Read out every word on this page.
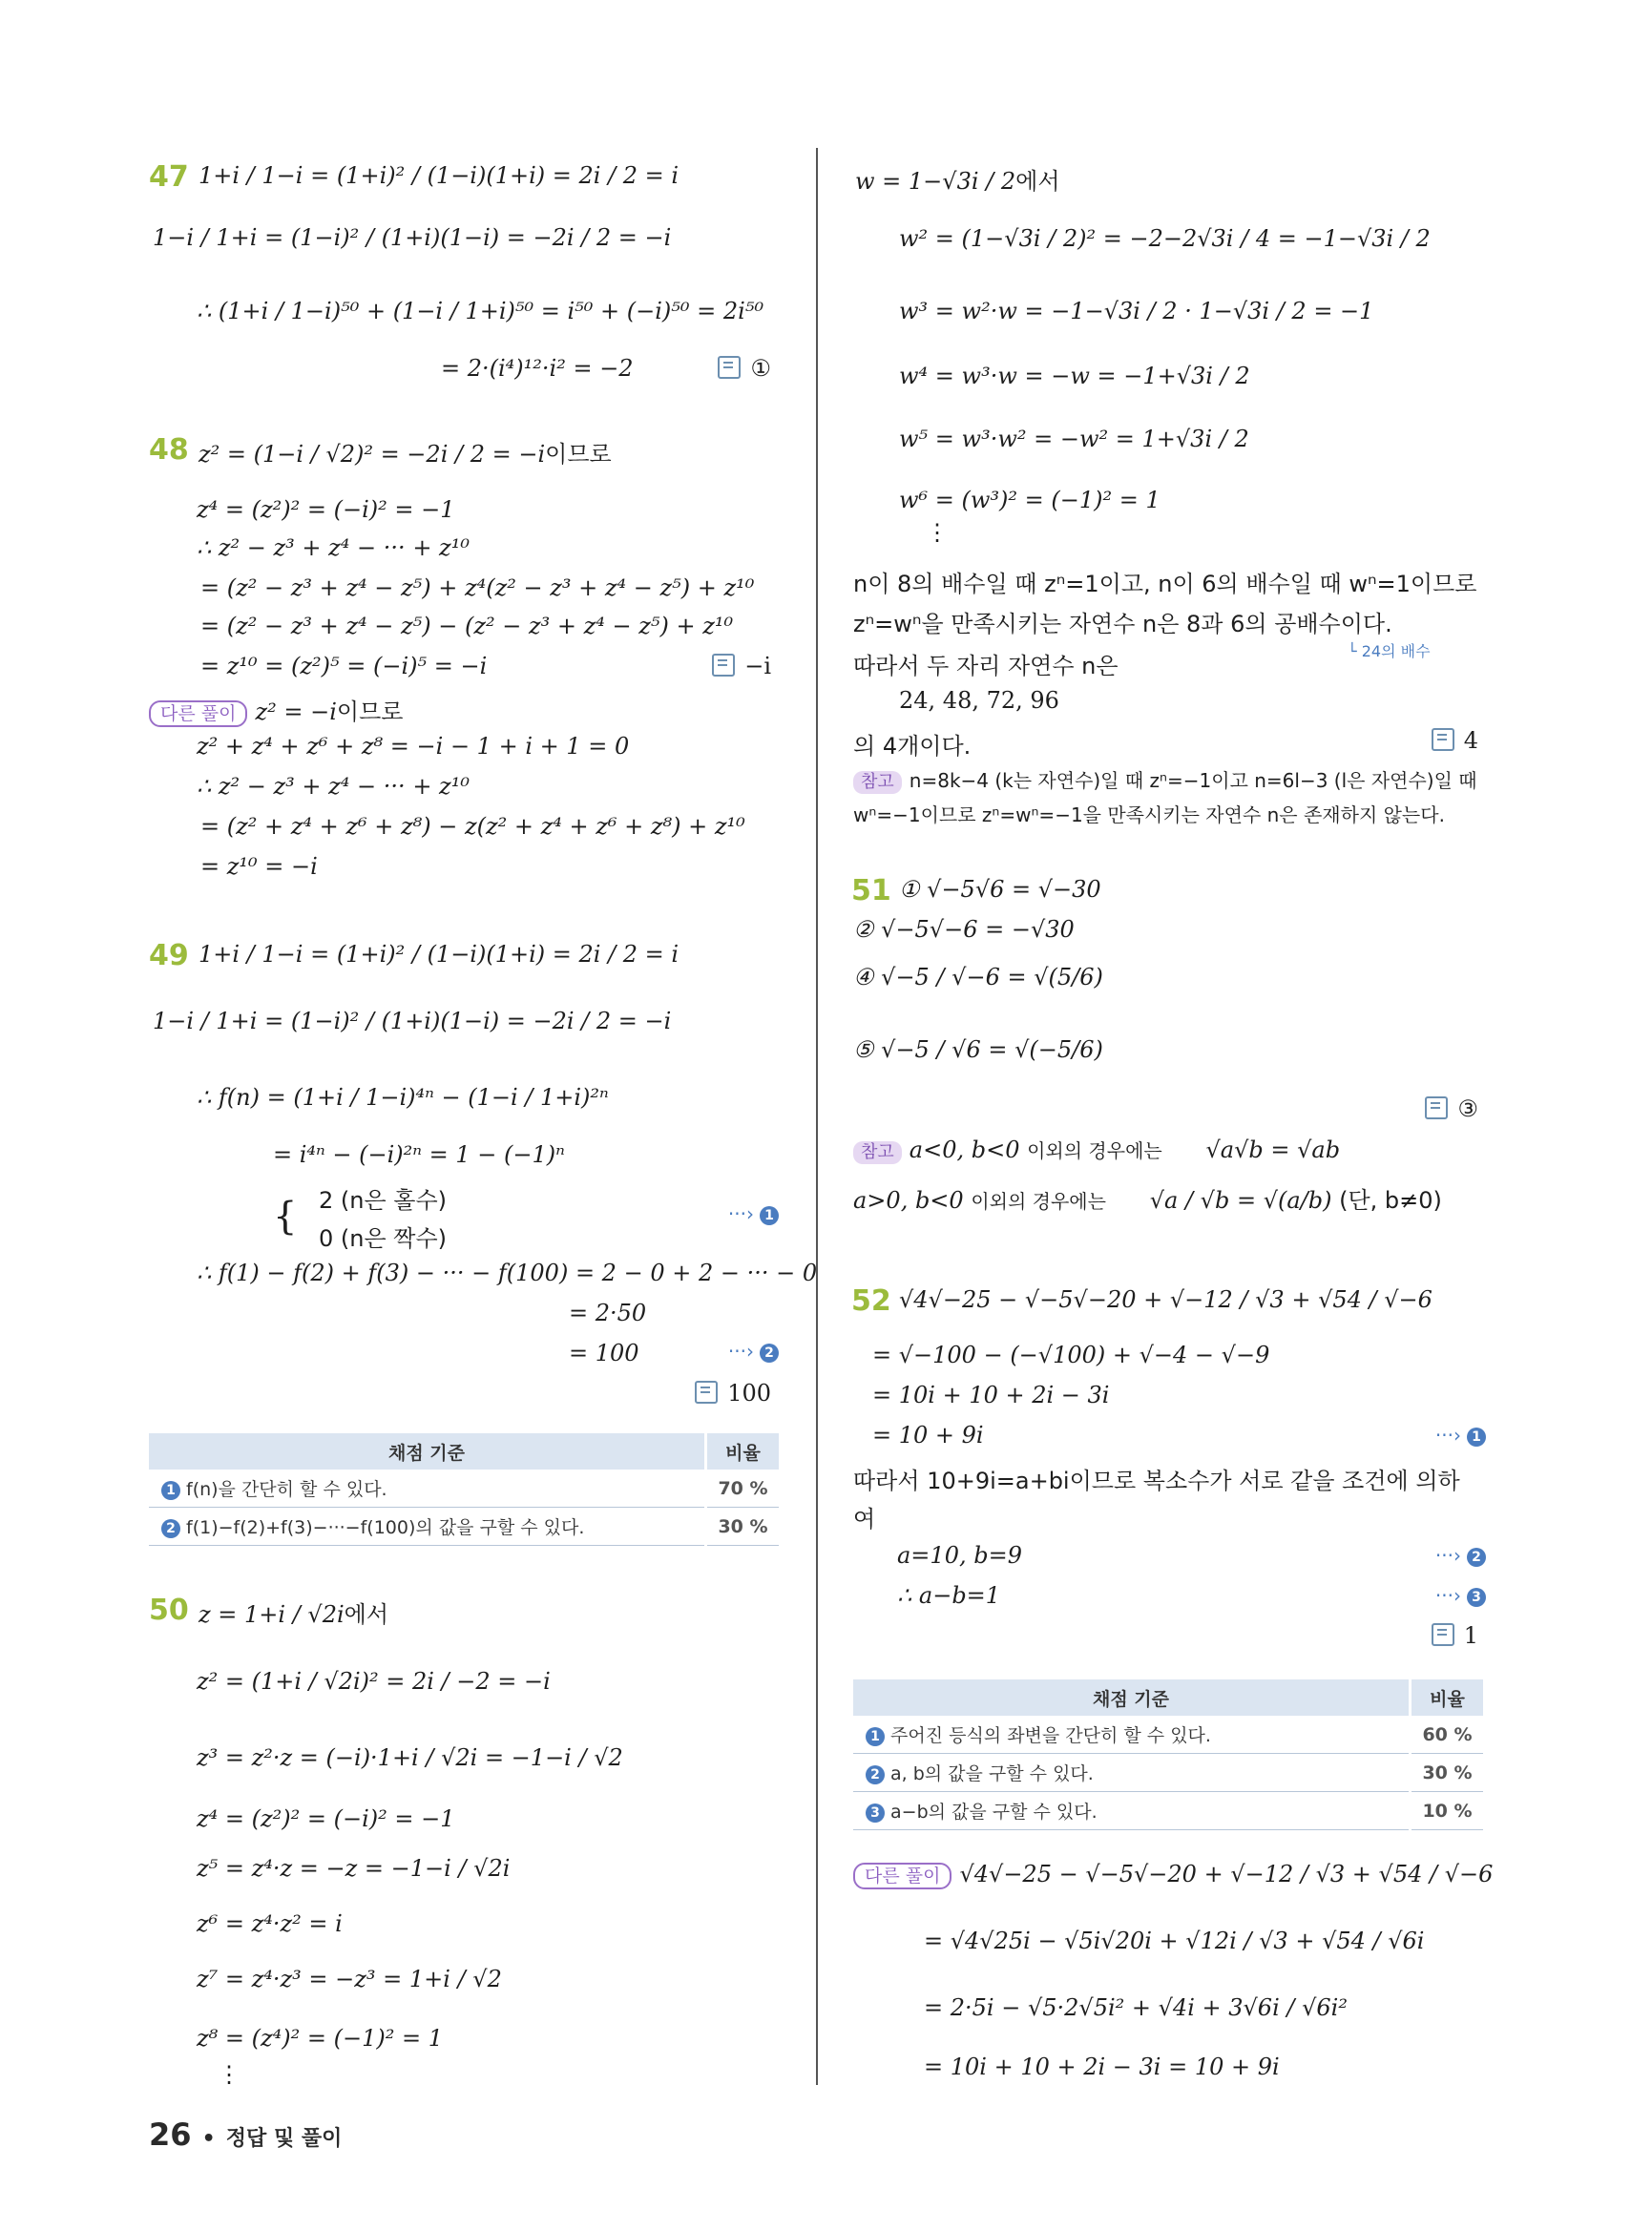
47 1+i / 1−i = (1+i)² / (1−i)(1+i) = 2i / 2 = i
1−i / 1+i = (1−i)² / (1+i)(1−i) = −2i / 2 = −i
∴ (1+i / 1−i)⁵⁰ + (1−i / 1+i)⁵⁰ = i⁵⁰ + (−i)⁵⁰ = 2i⁵⁰
= 2·(i⁴)¹²·i² = −2	①
48 z² = (1−i / √2)² = −2i / 2 = −i이므로
z⁴ = (z²)² = (−i)² = −1
∴ z² − z³ + z⁴ − ··· + z¹⁰
= (z² − z³ + z⁴ − z⁵) + z⁴(z² − z³ + z⁴ − z⁵) + z¹⁰
= (z² − z³ + z⁴ − z⁵) − (z² − z³ + z⁴ − z⁵) + z¹⁰
= z¹⁰ = (z²)⁵ = (−i)⁵ = −i	−i
다른 풀이 z² = −i이므로
z² + z⁴ + z⁶ + z⁸ = −i − 1 + i + 1 = 0
∴ z² − z³ + z⁴ − ··· + z¹⁰
= (z² + z⁴ + z⁶ + z⁸) − z(z² + z⁴ + z⁶ + z⁸) + z¹⁰
= z¹⁰ = −i
49 1+i / 1−i = (1+i)² / (1−i)(1+i) = 2i / 2 = i
1−i / 1+i = (1−i)² / (1+i)(1−i) = −2i / 2 = −i
∴ f(n) = (1+i / 1−i)⁴ⁿ − (1−i / 1+i)²ⁿ
= i⁴ⁿ − (−i)²ⁿ = 1 − (−1)ⁿ
{ 2 (n은 홀수)
0 (n은 짝수)
···› 1
∴ f(1) − f(2) + f(3) − ··· − f(100) = 2 − 0 + 2 − ··· − 0
= 2·50
= 100	···› 2
100
채점 기준	비율
1 f(n)을 간단히 할 수 있다.	70 %
2 f(1)−f(2)+f(3)−···−f(100)의 값을 구할 수 있다.	30 %
50 z = 1+i / √2i에서
z² = (1+i / √2i)² = 2i / −2 = −i
z³ = z²·z = (−i)·1+i / √2i = −1−i / √2
z⁴ = (z²)² = (−i)² = −1
z⁵ = z⁴·z = −z = −1−i / √2i
z⁶ = z⁴·z² = i
z⁷ = z⁴·z³ = −z³ = 1+i / √2
z⁸ = (z⁴)² = (−1)² = 1
⋮
w = 1−√3i / 2에서
w² = (1−√3i / 2)² = −2−2√3i / 4 = −1−√3i / 2
w³ = w²·w = −1−√3i / 2 · 1−√3i / 2 = −1
w⁴ = w³·w = −w = −1+√3i / 2
w⁵ = w³·w² = −w² = 1+√3i / 2
w⁶ = (w³)² = (−1)² = 1
⋮
n이 8의 배수일 때 zⁿ=1이고, n이 6의 배수일 때 wⁿ=1이므로
zⁿ=wⁿ을 만족시키는 자연수 n은 8과 6의 공배수이다.
└ 24의 배수
따라서 두 자리 자연수 n은
24, 48, 72, 96
의 4개이다.	4
참고 n=8k−4 (k는 자연수)일 때 zⁿ=−1이고 n=6l−3 (l은 자연수)일 때
wⁿ=−1이므로 zⁿ=wⁿ=−1을 만족시키는 자연수 n은 존재하지 않는다.
51 ① √−5√6 = √−30
② √−5√−6 = −√30
④ √−5 / √−6 = √(5/6)
⑤ √−5 / √6 = √(−5/6)
③
참고 a<0, b<0 이외의 경우에는 √a√b = √ab
a>0, b<0 이외의 경우에는 √a / √b = √(a/b) (단, b≠0)
52 √4√−25 − √−5√−20 + √−12 / √3 + √54 / √−6
= √−100 − (−√100) + √−4 − √−9
= 10i + 10 + 2i − 3i
= 10 + 9i	···› 1
따라서 10+9i=a+bi이므로 복소수가 서로 같을 조건에 의하
여
a=10, b=9	···› 2
∴ a−b=1	···› 3
1
채점 기준	비율
1 주어진 등식의 좌변을 간단히 할 수 있다.	60 %
2 a, b의 값을 구할 수 있다.	30 %
3 a−b의 값을 구할 수 있다.	10 %
다른 풀이 √4√−25 − √−5√−20 + √−12 / √3 + √54 / √−6
= √4√25i − √5i√20i + √12i / √3 + √54 / √6i
= 2·5i − √5·2√5i² + √4i + 3√6i / √6i²
= 10i + 10 + 2i − 3i = 10 + 9i
26 • 정답 및 풀이
